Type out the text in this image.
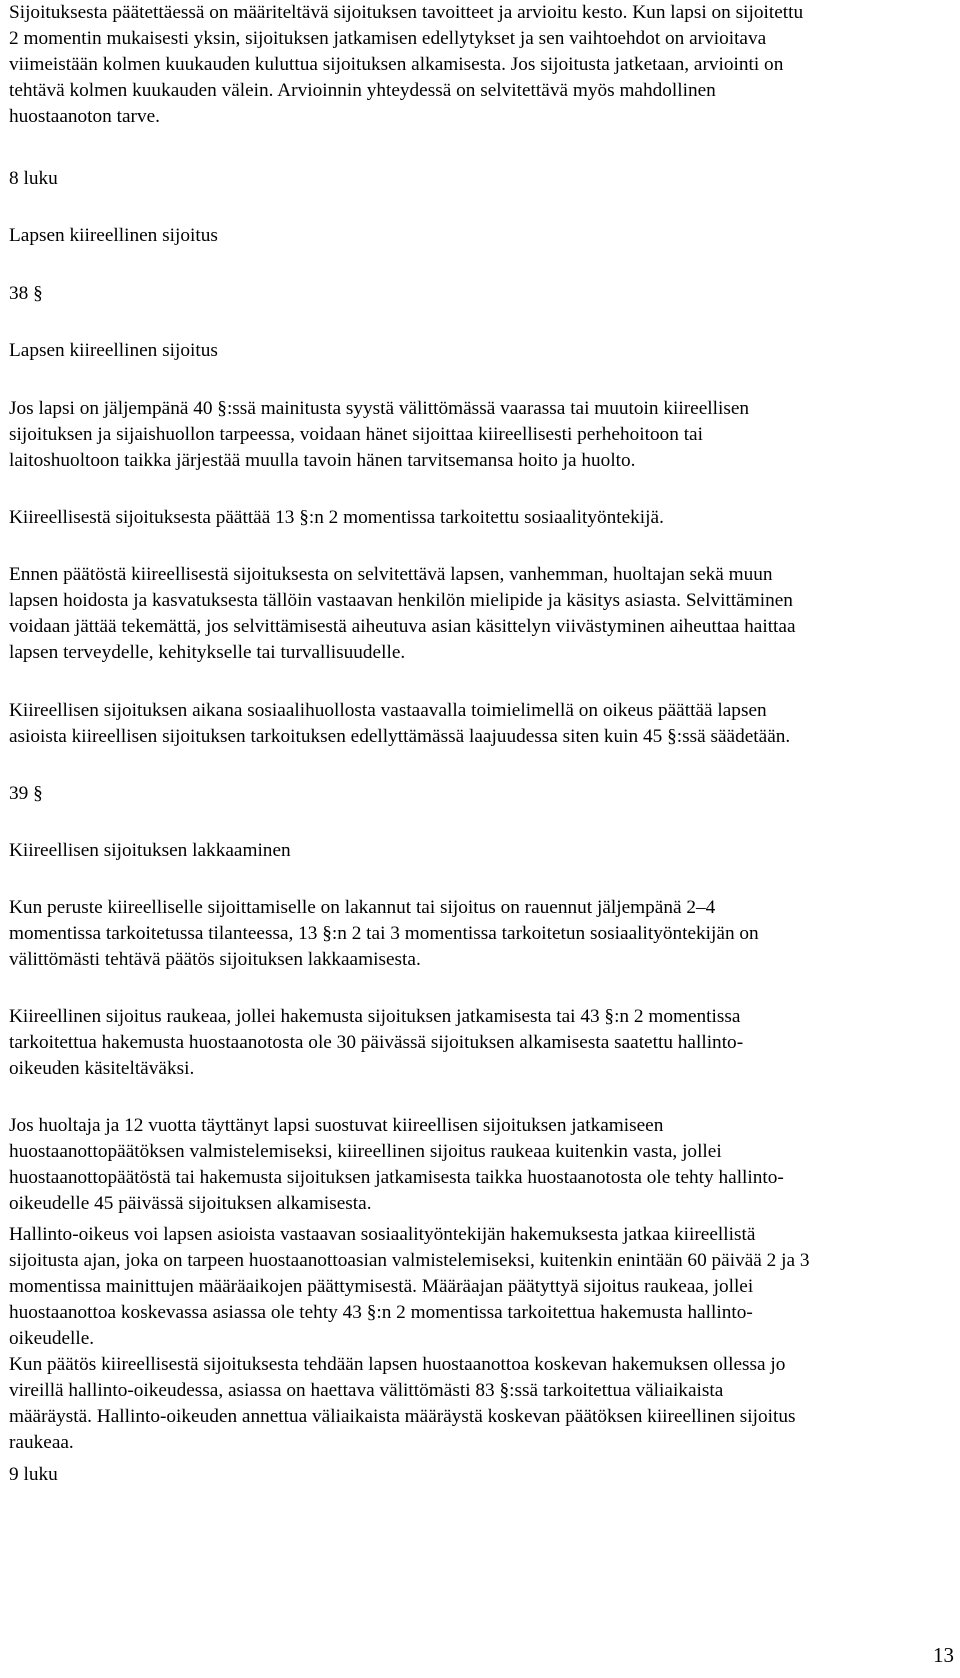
Sijoituksesta päätettäessä on määriteltävä sijoituksen tavoitteet ja arvioitu kesto. Kun lapsi on sijoitettu
2 momentin mukaisesti yksin, sijoituksen jatkamisen edellytykset ja sen vaihtoehdot on arvioitava
viimeistään kolmen kuukauden kuluttua sijoituksen alkamisesta. Jos sijoitusta jatketaan, arviointi on
tehtävä kolmen kuukauden välein. Arvioinnin yhteydessä on selvitettävä myös mahdollinen
huostaanoton tarve.

8 luku

Lapsen kiireellinen sijoitus

38 §

Lapsen kiireellinen sijoitus

Jos lapsi on jäljempänä 40 §:ssä mainitusta syystä välittömässä vaarassa tai muutoin kiireellisen
sijoituksen ja sijaishuollon tarpeessa, voidaan hänet sijoittaa kiireellisesti perhehoitoon tai
laitoshuoltoon taikka järjestää muulla tavoin hänen tarvitsemansa hoito ja huolto.

Kiireellisestä sijoituksesta päättää 13 §:n 2 momentissa tarkoitettu sosiaalityöntekijä.

Ennen päätöstä kiireellisestä sijoituksesta on selvitettävä lapsen, vanhemman, huoltajan sekä muun
lapsen hoidosta ja kasvatuksesta tällöin vastaavan henkilön mielipide ja käsitys asiasta. Selvittäminen
voidaan jättää tekemättä, jos selvittämisestä aiheutuva asian käsittelyn viivästyminen aiheuttaa haittaa
lapsen terveydelle, kehitykselle tai turvallisuudelle.

Kiireellisen sijoituksen aikana sosiaalihuollosta vastaavalla toimielimellä on oikeus päättää lapsen
asioista kiireellisen sijoituksen tarkoituksen edellyttämässä laajuudessa siten kuin 45 §:ssä säädetään.

39 §

Kiireellisen sijoituksen lakkaaminen

Kun peruste kiireelliselle sijoittamiselle on lakannut tai sijoitus on rauennut jäljempänä 2–4
momentissa tarkoitetussa tilanteessa, 13 §:n 2 tai 3 momentissa tarkoitetun sosiaalityöntekijän on
välittömästi tehtävä päätös sijoituksen lakkaamisesta.

Kiireellinen sijoitus raukeaa, jollei hakemusta sijoituksen jatkamisesta tai 43 §:n 2 momentissa
tarkoitettua hakemusta huostaanotosta ole 30 päivässä sijoituksen alkamisesta saatettu hallinto-
oikeuden käsiteltäväksi.

Jos huoltaja ja 12 vuotta täyttänyt lapsi suostuvat kiireellisen sijoituksen jatkamiseen
huostaanottopäätöksen valmistelemiseksi, kiireellinen sijoitus raukeaa kuitenkin vasta, jollei
huostaanottopäätöstä tai hakemusta sijoituksen jatkamisesta taikka huostaanotosta ole tehty hallinto-
oikeudelle 45 päivässä sijoituksen alkamisesta.

Hallinto-oikeus voi lapsen asioista vastaavan sosiaalityöntekijän hakemuksesta jatkaa kiireellistä
sijoitusta ajan, joka on tarpeen huostaanottoasian valmistelemiseksi, kuitenkin enintään 60 päivää 2 ja 3
momentissa mainittujen määräaikojen päättymisestä. Määräajan päätyttyä sijoitus raukeaa, jollei
huostaanottoa koskevassa asiassa ole tehty 43 §:n 2 momentissa tarkoitettua hakemusta hallinto-
oikeudelle.

Kun päätös kiireellisestä sijoituksesta tehdään lapsen huostaanottoa koskevan hakemuksen ollessa jo
vireillä hallinto-oikeudessa, asiassa on haettava välittömästi 83 §:ssä tarkoitettua väliaikaista
määräystä. Hallinto-oikeuden annettua väliaikaista määräystä koskevan päätöksen kiireellinen sijoitus
raukeaa.

9 luku

13
